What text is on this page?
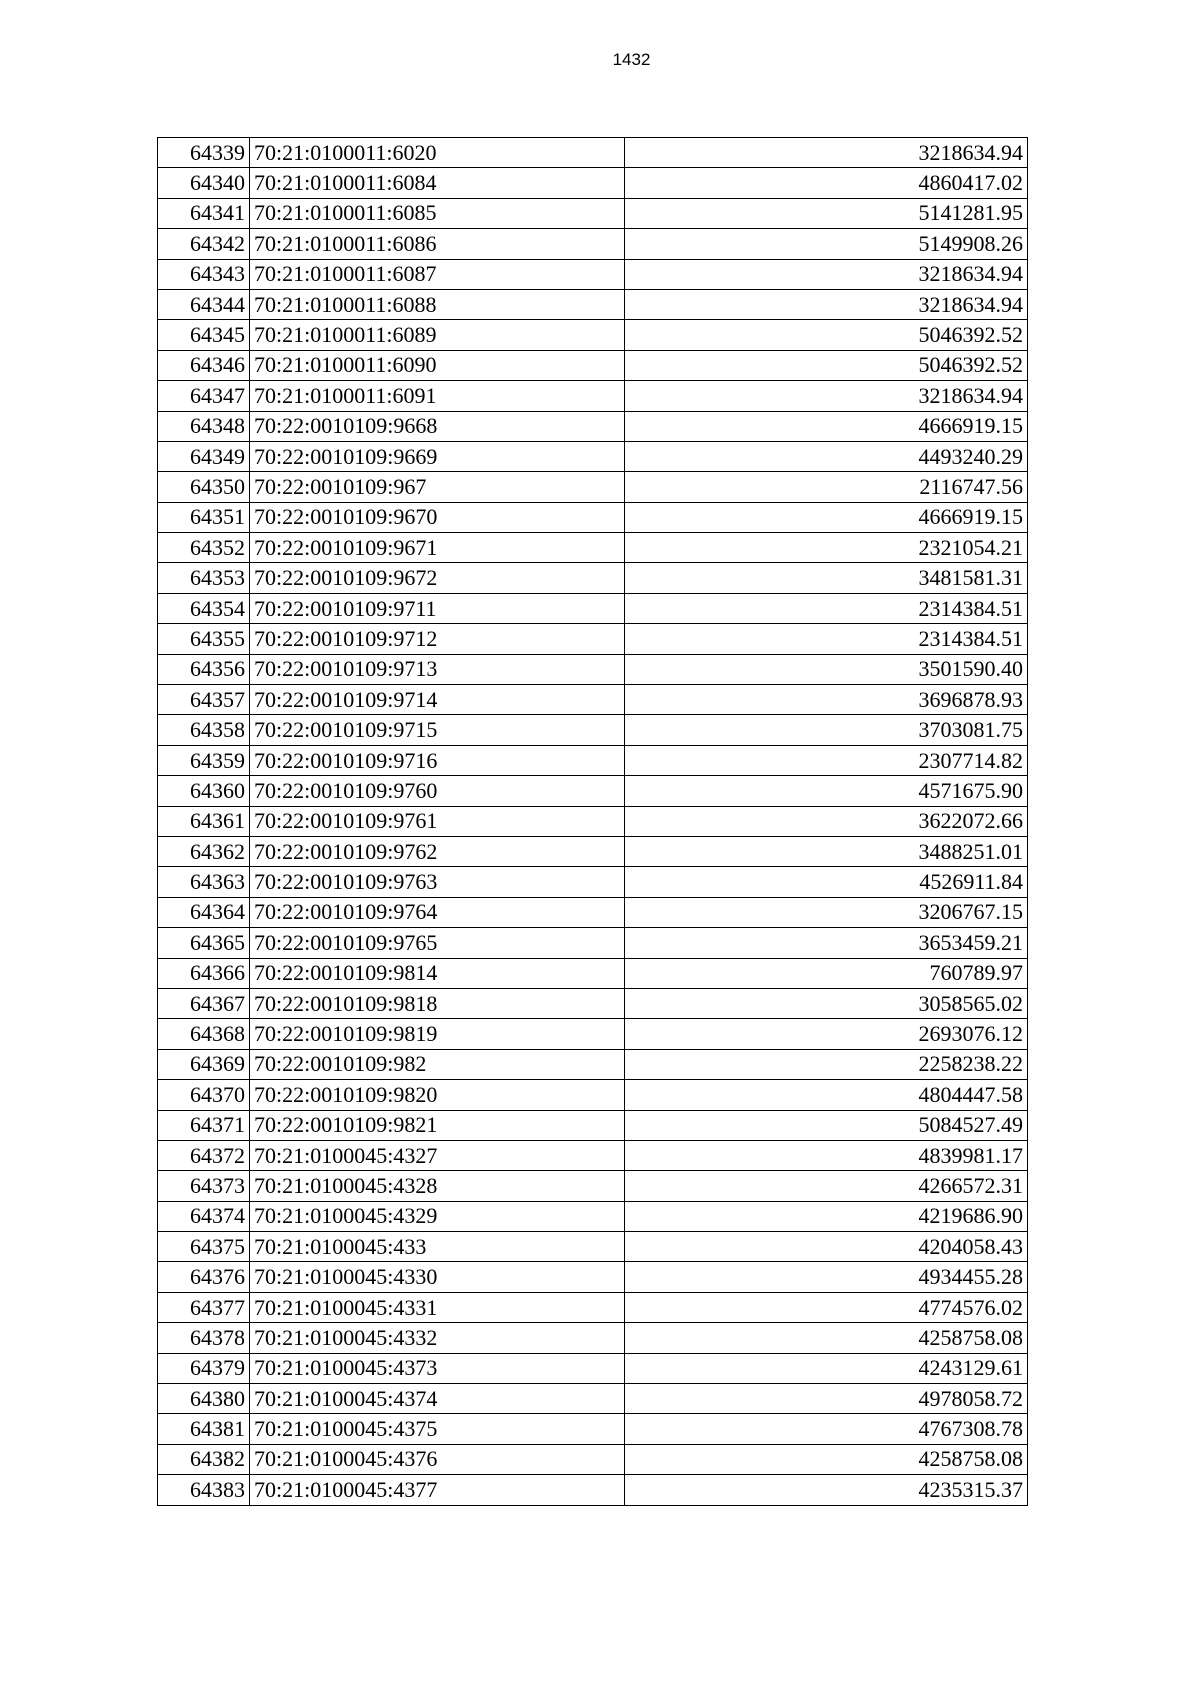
1432
64339	70:21:0100011:6020	3218634.94
64340	70:21:0100011:6084	4860417.02
64341	70:21:0100011:6085	5141281.95
64342	70:21:0100011:6086	5149908.26
64343	70:21:0100011:6087	3218634.94
64344	70:21:0100011:6088	3218634.94
64345	70:21:0100011:6089	5046392.52
64346	70:21:0100011:6090	5046392.52
64347	70:21:0100011:6091	3218634.94
64348	70:22:0010109:9668	4666919.15
64349	70:22:0010109:9669	4493240.29
64350	70:22:0010109:967	2116747.56
64351	70:22:0010109:9670	4666919.15
64352	70:22:0010109:9671	2321054.21
64353	70:22:0010109:9672	3481581.31
64354	70:22:0010109:9711	2314384.51
64355	70:22:0010109:9712	2314384.51
64356	70:22:0010109:9713	3501590.40
64357	70:22:0010109:9714	3696878.93
64358	70:22:0010109:9715	3703081.75
64359	70:22:0010109:9716	2307714.82
64360	70:22:0010109:9760	4571675.90
64361	70:22:0010109:9761	3622072.66
64362	70:22:0010109:9762	3488251.01
64363	70:22:0010109:9763	4526911.84
64364	70:22:0010109:9764	3206767.15
64365	70:22:0010109:9765	3653459.21
64366	70:22:0010109:9814	760789.97
64367	70:22:0010109:9818	3058565.02
64368	70:22:0010109:9819	2693076.12
64369	70:22:0010109:982	2258238.22
64370	70:22:0010109:9820	4804447.58
64371	70:22:0010109:9821	5084527.49
64372	70:21:0100045:4327	4839981.17
64373	70:21:0100045:4328	4266572.31
64374	70:21:0100045:4329	4219686.90
64375	70:21:0100045:433	4204058.43
64376	70:21:0100045:4330	4934455.28
64377	70:21:0100045:4331	4774576.02
64378	70:21:0100045:4332	4258758.08
64379	70:21:0100045:4373	4243129.61
64380	70:21:0100045:4374	4978058.72
64381	70:21:0100045:4375	4767308.78
64382	70:21:0100045:4376	4258758.08
64383	70:21:0100045:4377	4235315.37
